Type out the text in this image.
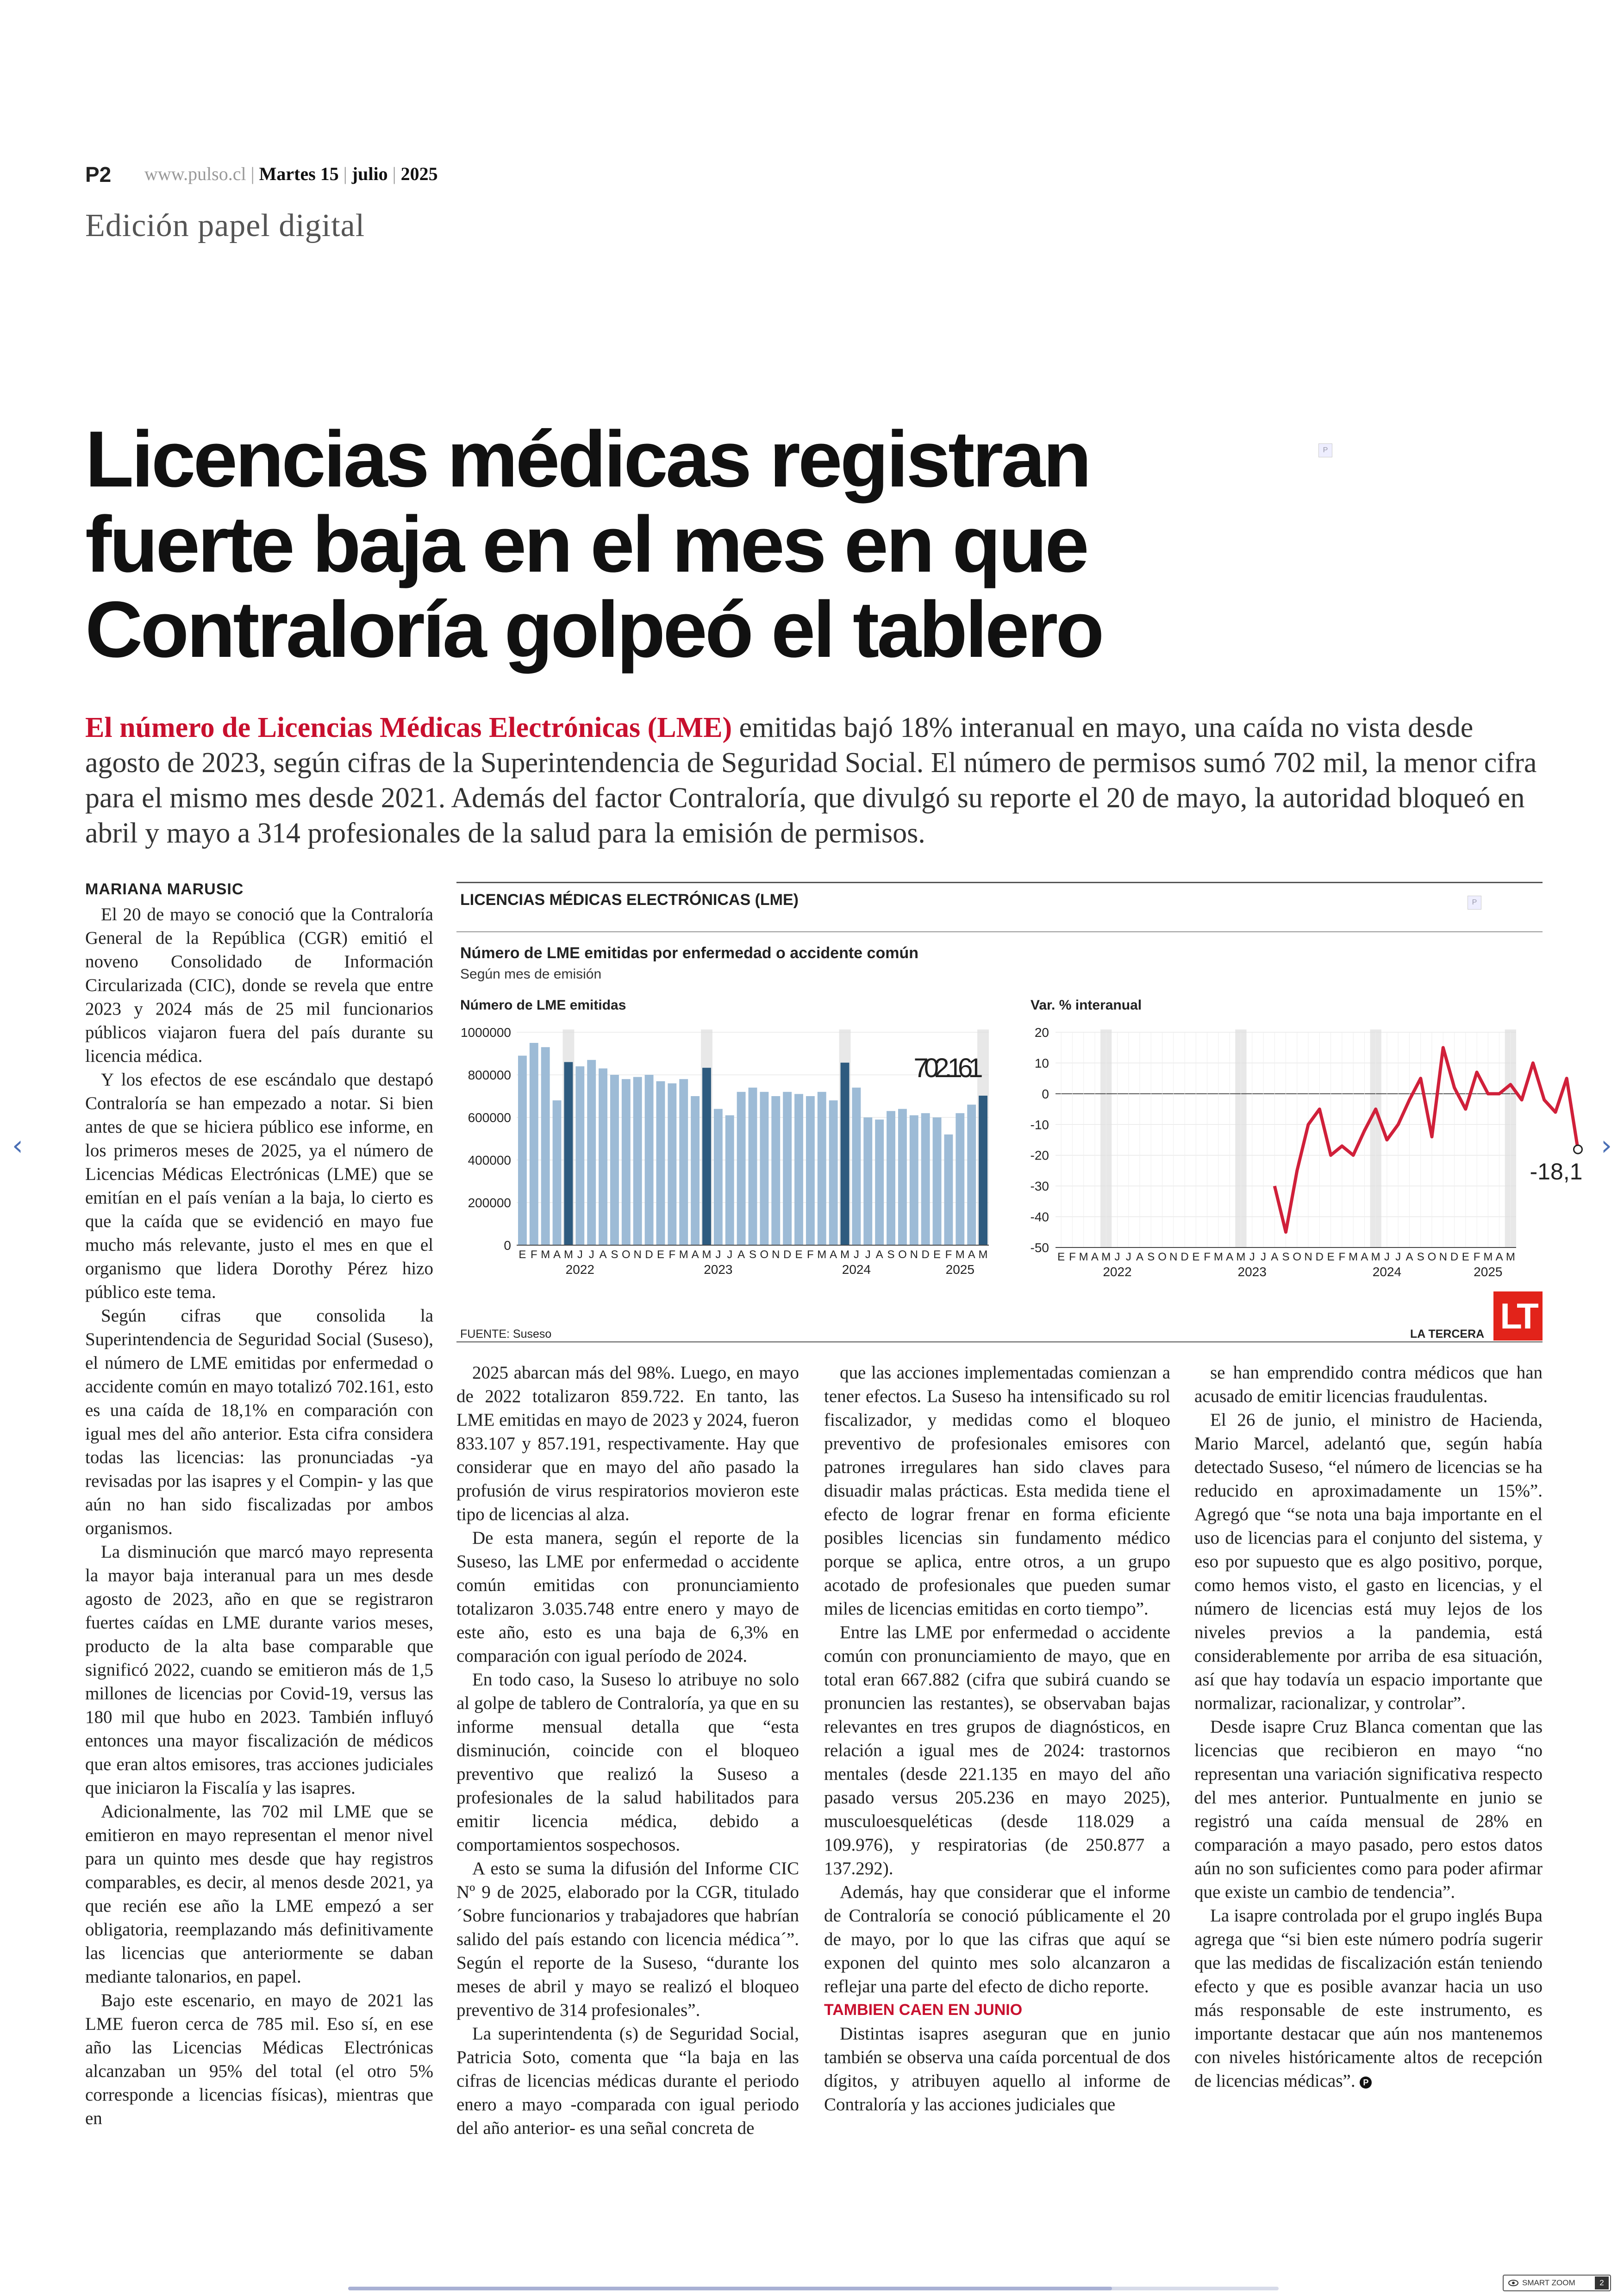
P2 www.pulso.cl | Martes 15 | julio | 2025
Edición papel digital
P
Licencias médicas registran fuerte baja en el mes en que Contraloría golpeó el tablero
El número de Licencias Médicas Electrónicas (LME) emitidas bajó 18% interanual en mayo, una caída no vista desde agosto de 2023, según cifras de la Superintendencia de Seguridad Social. El número de permisos sumó 702 mil, la menor cifra para el mismo mes desde 2021. Además del factor Contraloría, que divulgó su reporte el 20 de mayo, la autoridad bloqueó en abril y mayo a 314 profesionales de la salud para la emisión de permisos.
MARIANA MARUSIC

El 20 de mayo se conoció que la Contraloría General de la República (CGR) emitió el noveno Consolidado de Información Circularizada (CIC), donde se revela que entre 2023 y 2024 más de 25 mil funcionarios públicos viajaron fuera del país durante su licencia médica.

Y los efectos de ese escándalo que destapó Contraloría se han empezado a notar. Si bien antes de que se hiciera público ese informe, en los primeros meses de 2025, ya el número de Licencias Médicas Electrónicas (LME) que se emitían en el país venían a la baja, lo cierto es que la caída que se evidenció en mayo fue mucho más relevante, justo el mes en que el organismo que lidera Dorothy Pérez hizo público este tema.

Según cifras que consolida la Superintendencia de Seguridad Social (Suseso), el número de LME emitidas por enfermedad o accidente común en mayo totalizó 702.161, esto es una caída de 18,1% en comparación con igual mes del año anterior. Esta cifra considera todas las licencias: las pronunciadas -ya revisadas por las isapres y el Compin- y las que aún no han sido fiscalizadas por ambos organismos.

La disminución que marcó mayo representa la mayor baja interanual para un mes desde agosto de 2023, año en que se registraron fuertes caídas en LME durante varios meses, producto de la alta base comparable que significó 2022, cuando se emitieron más de 1,5 millones de licencias por Covid-19, versus las 180 mil que hubo en 2023. También influyó entonces una mayor fiscalización de médicos que eran altos emisores, tras acciones judiciales que iniciaron la Fiscalía y las isapres.

Adicionalmente, las 702 mil LME que se emitieron en mayo representan el menor nivel para un quinto mes desde que hay registros comparables, es decir, al menos desde 2021, ya que recién ese año la LME empezó a ser obligatoria, reemplazando más definitivamente las licencias que anteriormente se daban mediante talonarios, en papel.

Bajo este escenario, en mayo de 2021 las LME fueron cerca de 785 mil. Eso sí, en ese año las Licencias Médicas Electrónicas alcanzaban un 95% del total (el otro 5% corresponde a licencias físicas), mientras que en

LICENCIAS MÉDICAS ELECTRÓNICAS (LME)	P
Número de LME emitidas por enfermedad o accidente común
Según mes de emisión
Número de LME emitidas	Var. % interanual
0
200000
400000
600000
800000
1000000
E F M A M J J A S O N D E F M A M J J A S O N D E F M A M J J A S O N D E F M A M
2022	2023	2024	2025
702.161
20
10
0
-10
-20
-30
-40
-50
-18,1
E F M A M J J A S O N D E F M A M J J A S O N D E F M A M J J A S O N D E F M A M
2022	2023	2024	2025
FUENTE: Suseso	LA TERCERA LT

2025 abarcan más del 98%. Luego, en mayo de 2022 totalizaron 859.722. En tanto, las LME emitidas en mayo de 2023 y 2024, fueron 833.107 y 857.191, respectivamente. Hay que considerar que en mayo del año pasado la profusión de virus respiratorios movieron este tipo de licencias al alza.

De esta manera, según el reporte de la Suseso, las LME por enfermedad o accidente común emitidas con pronunciamiento totalizaron 3.035.748 entre enero y mayo de este año, esto es una baja de 6,3% en comparación con igual período de 2024.

En todo caso, la Suseso lo atribuye no solo al golpe de tablero de Contraloría, ya que en su informe mensual detalla que “esta disminución, coincide con el bloqueo preventivo que realizó la Suseso a profesionales de la salud habilitados para emitir licencia médica, debido a comportamientos sospechosos.

A esto se suma la difusión del Informe CIC Nº 9 de 2025, elaborado por la CGR, titulado ´Sobre funcionarios y trabajadores que habrían salido del país estando con licencia médica´”. Según el reporte de la Suseso, “durante los meses de abril y mayo se realizó el bloqueo preventivo de 314 profesionales”.

La superintendenta (s) de Seguridad Social, Patricia Soto, comenta que “la baja en las cifras de licencias médicas durante el periodo enero a mayo -comparada con igual periodo del año anterior- es una señal concreta de

que las acciones implementadas comienzan a tener efectos. La Suseso ha intensificado su rol fiscalizador, y medidas como el bloqueo preventivo de profesionales emisores con patrones irregulares han sido claves para disuadir malas prácticas. Esta medida tiene el efecto de lograr frenar en forma eficiente posibles licencias sin fundamento médico porque se aplica, entre otros, a un grupo acotado de profesionales que pueden sumar miles de licencias emitidas en corto tiempo”.

Entre las LME por enfermedad o accidente común con pronunciamiento de mayo, que en total eran 667.882 (cifra que subirá cuando se pronuncien las restantes), se observaban bajas relevantes en tres grupos de diagnósticos, en relación a igual mes de 2024: trastornos mentales (desde 221.135 en mayo del año pasado versus 205.236 en mayo 2025), musculoesqueléticas (desde 118.029 a 109.976), y respiratorias (de 250.877 a 137.292).

Además, hay que considerar que el informe de Contraloría se conoció públicamente el 20 de mayo, por lo que las cifras que aquí se exponen del quinto mes solo alcanzaron a reflejar una parte del efecto de dicho reporte.

TAMBIEN CAEN EN JUNIO

Distintas isapres aseguran que en junio también se observa una caída porcentual de dos dígitos, y atribuyen aquello al informe de Contraloría y las acciones judiciales que

se han emprendido contra médicos que han acusado de emitir licencias fraudulentas.

El 26 de junio, el ministro de Hacienda, Mario Marcel, adelantó que, según había detectado Suseso, “el número de licencias se ha reducido en aproximadamente un 15%”. Agregó que “se nota una baja importante en el uso de licencias para el conjunto del sistema, y eso por supuesto que es algo positivo, porque, como hemos visto, el gasto en licencias, y el número de licencias está muy lejos de los niveles previos a la pandemia, está considerablemente por arriba de esa situación, así que hay todavía un espacio importante que normalizar, racionalizar, y controlar”.

Desde isapre Cruz Blanca comentan que las licencias que recibieron en mayo “no representan una variación significativa respecto del mes anterior. Puntualmente en junio se registró una caída mensual de 28% en comparación a mayo pasado, pero estos datos aún no son suficientes como para poder afirmar que existe un cambio de tendencia”.

La isapre controlada por el grupo inglés Bupa agrega que “si bien este número podría sugerir que las medidas de fiscalización están teniendo efecto y que es posible avanzar hacia un uso más responsable de este instrumento, es importante destacar que aún nos mantenemos con niveles históricamente altos de recepción de licencias médicas”. P

‹	›
SMART ZOOM	2
